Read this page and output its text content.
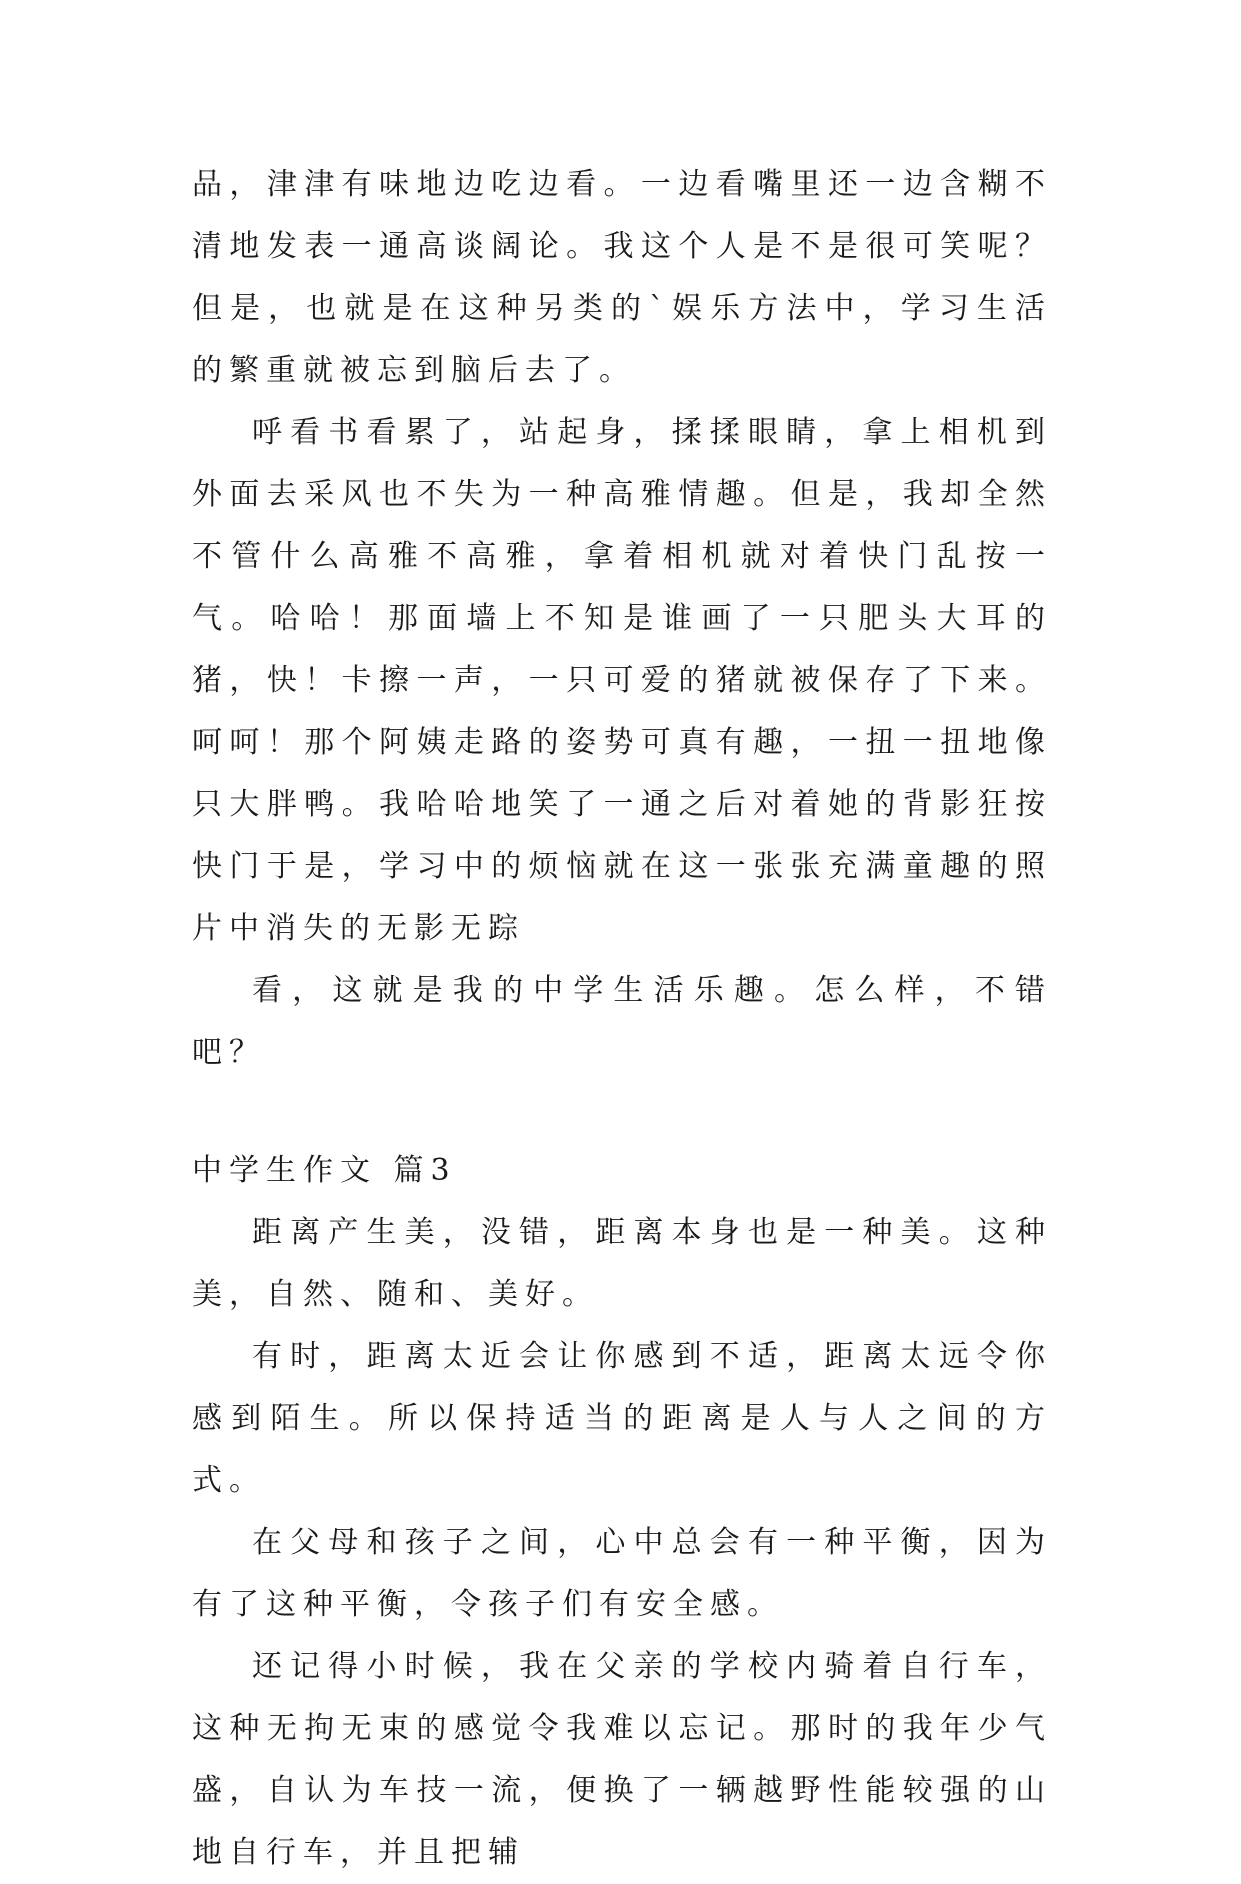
品，津津有味地边吃边看。一边看嘴里还一边含糊不清地发表一通高谈阔论。我这个人是不是很可笑呢？但是，也就是在这种另类的`娱乐方法中，学习生活的繁重就被忘到脑后去了。

呼看书看累了，站起身，揉揉眼睛，拿上相机到外面去采风也不失为一种高雅情趣。但是，我却全然不管什么高雅不高雅，拿着相机就对着快门乱按一气。哈哈！那面墙上不知是谁画了一只肥头大耳的猪，快！卡擦一声，一只可爱的猪就被保存了下来。呵呵！那个阿姨走路的姿势可真有趣，一扭一扭地像只大胖鸭。我哈哈地笑了一通之后对着她的背影狂按快门于是，学习中的烦恼就在这一张张充满童趣的照片中消失的无影无踪

看，这就是我的中学生活乐趣。怎么样，不错吧？

中学生作文 篇3

距离产生美，没错，距离本身也是一种美。这种美，自然、随和、美好。

有时，距离太近会让你感到不适，距离太远令你感到陌生。所以保持适当的距离是人与人之间的方式。

在父母和孩子之间，心中总会有一种平衡，因为有了这种平衡，令孩子们有安全感。

还记得小时候，我在父亲的学校内骑着自行车，这种无拘无束的感觉令我难以忘记。那时的我年少气盛，自认为车技一流，便换了一辆越野性能较强的山地自行车，并且把辅
